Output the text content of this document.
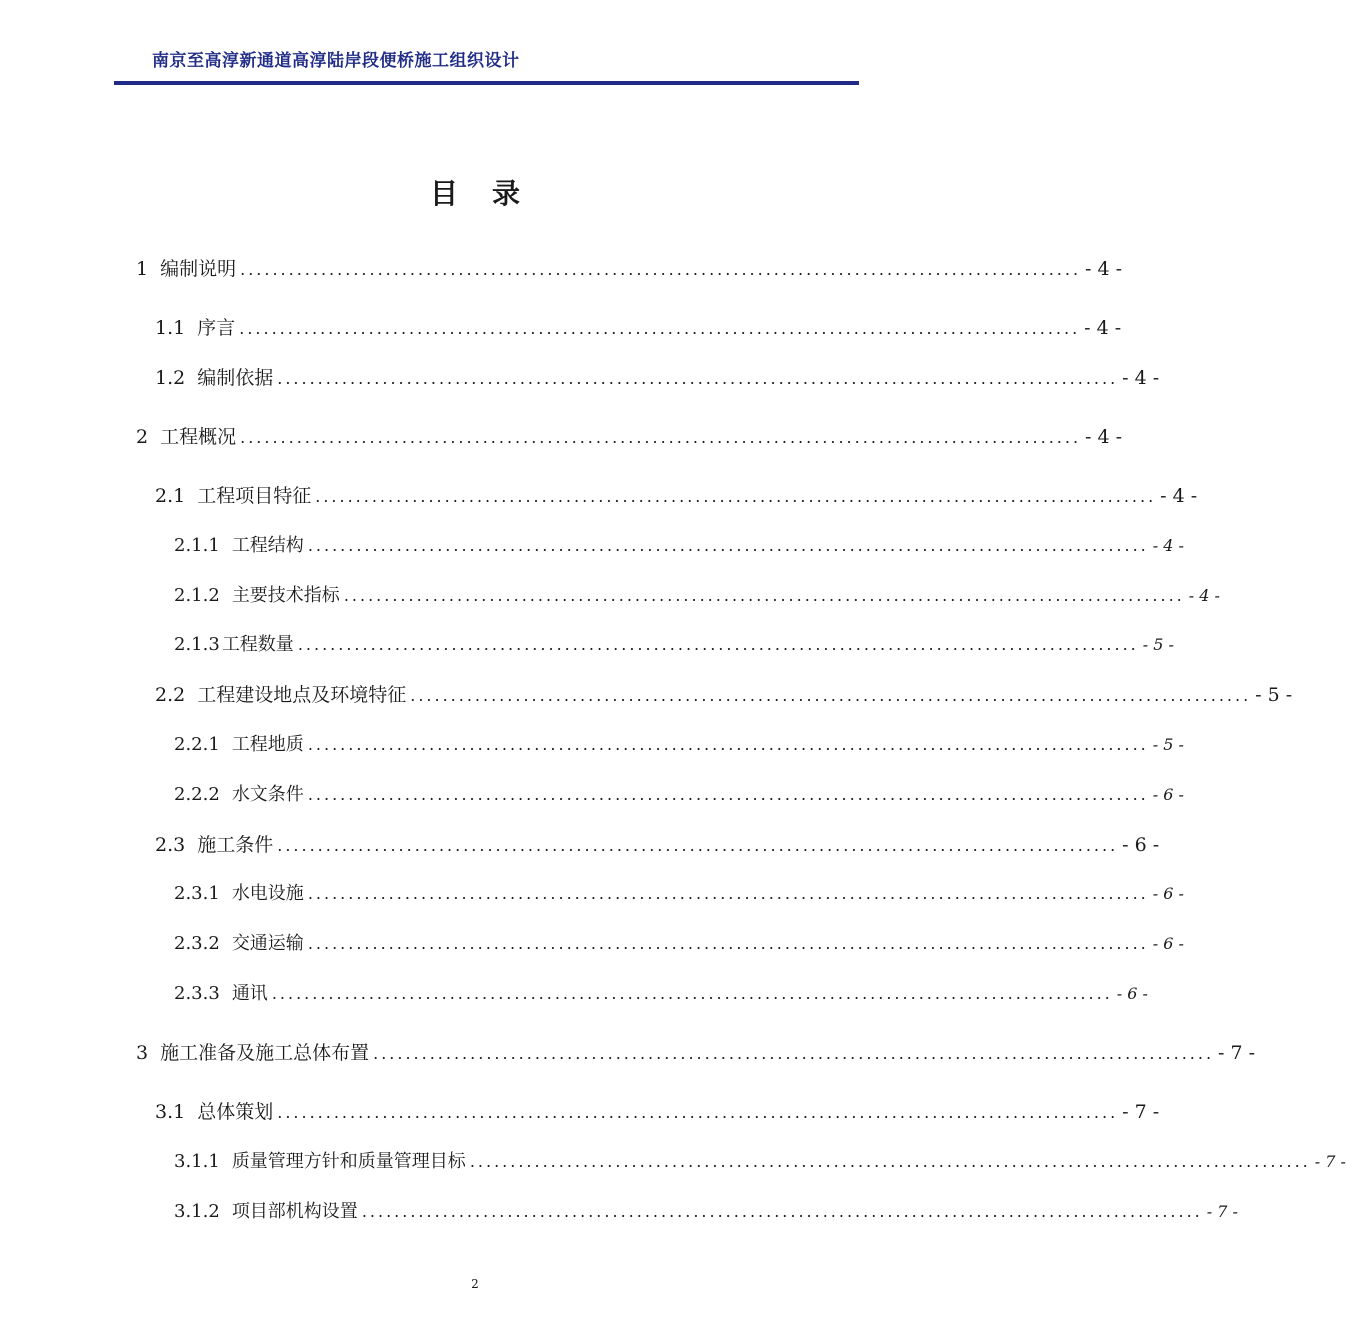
南京至高淳新通道高淳陆岸段便桥施工组织设计
目录
1 编制说明 ........................................................................................................ - 4 -
1.1 序言 ........................................................................................................ - 4 -
1.2 编制依据 ........................................................................................................ - 4 -
2 工程概况 ........................................................................................................ - 4 -
2.1 工程项目特征 ........................................................................................................ - 4 -
2.1.1 工程结构 ........................................................................................................ - 4 -
2.1.2 主要技术指标 ........................................................................................................ - 4 -
2.1.3 工程数量 ........................................................................................................ - 5 -
2.2 工程建设地点及环境特征 ........................................................................................................ - 5 -
2.2.1 工程地质 ........................................................................................................ - 5 -
2.2.2 水文条件 ........................................................................................................ - 6 -
2.3 施工条件 ........................................................................................................ - 6 -
2.3.1 水电设施 ........................................................................................................ - 6 -
2.3.2 交通运输 ........................................................................................................ - 6 -
2.3.3 通讯 ........................................................................................................ - 6 -
3 施工准备及施工总体布置 ........................................................................................................ - 7 -
3.1 总体策划 ........................................................................................................ - 7 -
3.1.1 质量管理方针和质量管理目标 ........................................................................................................ - 7 -
3.1.2 项目部机构设置 ........................................................................................................ - 7 -
2
